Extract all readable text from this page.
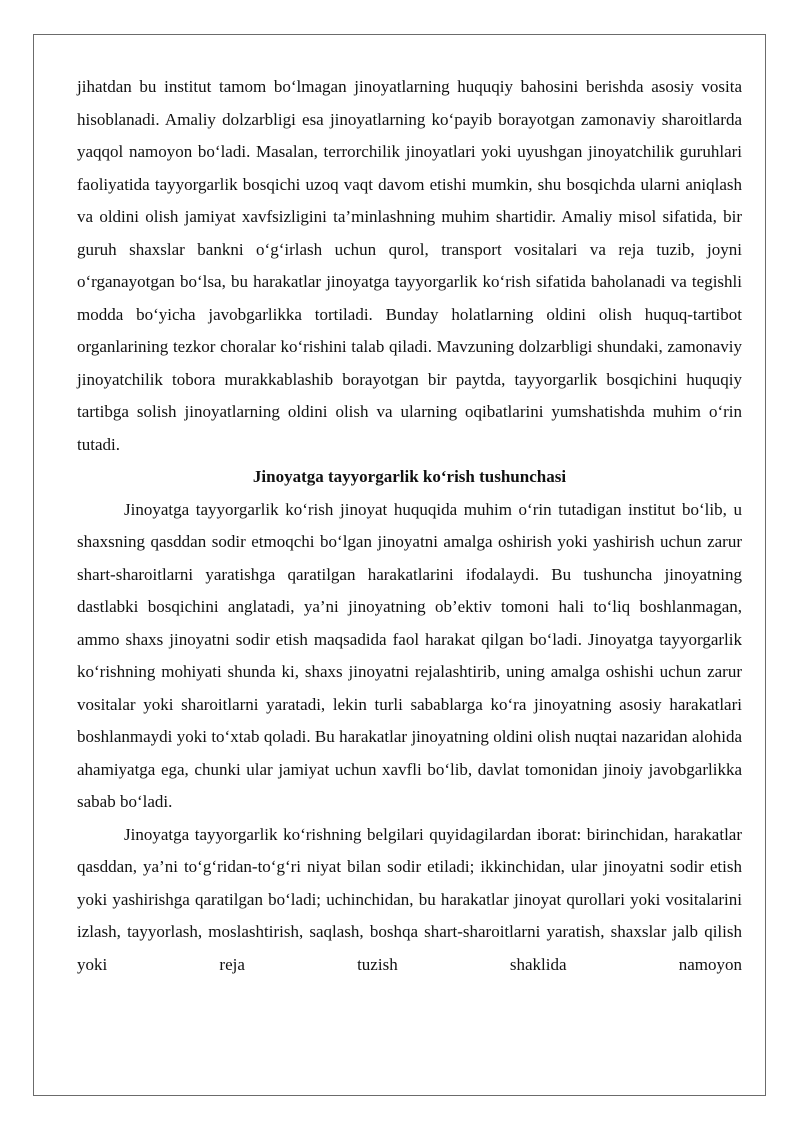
jihatdan bu institut tamom bo‘lmagan jinoyatlarning huquqiy bahosini berishda asosiy vosita hisoblanadi. Amaliy dolzarbligi esa jinoyatlarning ko‘payib borayotgan zamonaviy sharoitlarda yaqqol namoyon bo‘ladi. Masalan, terrorchilik jinoyatlari yoki uyushgan jinoyatchilik guruhlari faoliyatida tayyorgarlik bosqichi uzoq vaqt davom etishi mumkin, shu bosqichda ularni aniqlash va oldini olish jamiyat xavfsizligini ta’minlashning muhim shartidir. Amaliy misol sifatida, bir guruh shaxslar bankni o‘g‘irlash uchun qurol, transport vositalari va reja tuzib, joyni o‘rganayotgan bo‘lsa, bu harakatlar jinoyatga tayyorgarlik ko‘rish sifatida baholanadi va tegishli modda bo‘yicha javobgarlikka tortiladi. Bunday holatlarning oldini olish huquq-tartibot organlarining tezkor choralar ko‘rishini talab qiladi. Mavzuning dolzarbligi shundaki, zamonaviy jinoyatchilik tobora murakkablashib borayotgan bir paytda, tayyorgarlik bosqichini huquqiy tartibga solish jinoyatlarning oldini olish va ularning oqibatlarini yumshatishda muhim o‘rin tutadi.

Jinoyatga tayyorgarlik ko‘rish tushunchasi

Jinoyatga tayyorgarlik ko‘rish jinoyat huquqida muhim o‘rin tutadigan institut bo‘lib, u shaxsning qasddan sodir etmoqchi bo‘lgan jinoyatni amalga oshirish yoki yashirish uchun zarur shart-sharoitlarni yaratishga qaratilgan harakatlarini ifodalaydi. Bu tushuncha jinoyatning dastlabki bosqichini anglatadi, ya’ni jinoyatning ob’ektiv tomoni hali to‘liq boshlanmagan, ammo shaxs jinoyatni sodir etish maqsadida faol harakat qilgan bo‘ladi. Jinoyatga tayyorgarlik ko‘rishning mohiyati shunda ki, shaxs jinoyatni rejalashtirib, uning amalga oshishi uchun zarur vositalar yoki sharoitlarni yaratadi, lekin turli sabablarga ko‘ra jinoyatning asosiy harakatlari boshlanmaydi yoki to‘xtab qoladi. Bu harakatlar jinoyatning oldini olish nuqtai nazaridan alohida ahamiyatga ega, chunki ular jamiyat uchun xavfli bo‘lib, davlat tomonidan jinoiy javobgarlikka sabab bo‘ladi.

Jinoyatga tayyorgarlik ko‘rishning belgilari quyidagilardan iborat: birinchidan, harakatlar qasddan, ya’ni to‘g‘ridan-to‘g‘ri niyat bilan sodir etiladi; ikkinchidan, ular jinoyatni sodir etish yoki yashirishga qaratilgan bo‘ladi; uchinchidan, bu harakatlar jinoyat qurollari yoki vositalarini izlash, tayyorlash, moslashtirish, saqlash, boshqa shart-sharoitlarni yaratish, shaxslar jalb qilish yoki reja tuzish shaklida namoyon
